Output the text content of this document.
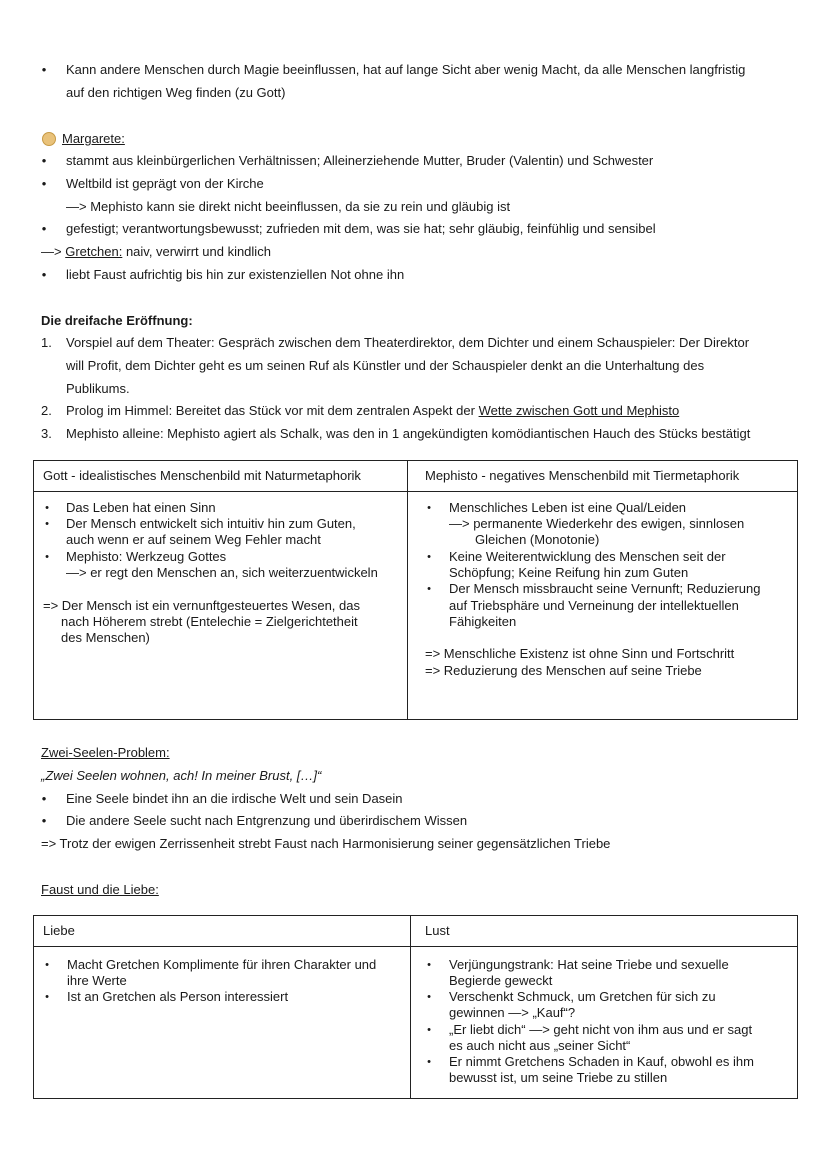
• Kann andere Menschen durch Magie beeinflussen, hat auf lange Sicht aber wenig Macht, da alle Menschen langfristig
auf den richtigen Weg finden (zu Gott)
Margarete:
• stammt aus kleinbürgerlichen Verhältnissen; Alleinerziehende Mutter, Bruder (Valentin) und Schwester
• Weltbild ist geprägt von der Kirche
—> Mephisto kann sie direkt nicht beeinflussen, da sie zu rein und gläubig ist
• gefestigt; verantwortungsbewusst; zufrieden mit dem, was sie hat; sehr gläubig, feinfühlig und sensibel
—> Gretchen: naiv, verwirrt und kindlich
• liebt Faust aufrichtig bis hin zur existenziellen Not ohne ihn
Die dreifache Eröffnung:
1. Vorspiel auf dem Theater: Gespräch zwischen dem Theaterdirektor, dem Dichter und einem Schauspieler: Der Direktor
will Profit, dem Dichter geht es um seinen Ruf als Künstler und der Schauspieler denkt an die Unterhaltung des
Publikums.
2. Prolog im Himmel: Bereitet das Stück vor mit dem zentralen Aspekt der Wette zwischen Gott und Mephisto
3. Mephisto alleine: Mephisto agiert als Schalk, was den in 1 angekündigten komödiantischen Hauch des Stücks bestätigt
Gott - idealistisches Menschenbild mit Naturmetaphorik	Mephisto - negatives Menschenbild mit Tiermetaphorik
• Das Leben hat einen Sinn
• Der Mensch entwickelt sich intuitiv hin zum Guten,
auch wenn er auf seinem Weg Fehler macht
• Mephisto: Werkzeug Gottes
—> er regt den Menschen an, sich weiterzuentwickeln
=> Der Mensch ist ein vernunftgesteuertes Wesen, das
nach Höherem strebt (Entelechie = Zielgerichtetheit
des Menschen)
• Menschliches Leben ist eine Qual/Leiden
—> permanente Wiederkehr des ewigen, sinnlosen
Gleichen (Monotonie)
• Keine Weiterentwicklung des Menschen seit der
Schöpfung; Keine Reifung hin zum Guten
• Der Mensch missbraucht seine Vernunft; Reduzierung
auf Triebsphäre und Verneinung der intellektuellen
Fähigkeiten
=> Menschliche Existenz ist ohne Sinn und Fortschritt
=> Reduzierung des Menschen auf seine Triebe
Zwei-Seelen-Problem:
„Zwei Seelen wohnen, ach! In meiner Brust, […]“
• Eine Seele bindet ihn an die irdische Welt und sein Dasein
• Die andere Seele sucht nach Entgrenzung und überirdischem Wissen
=> Trotz der ewigen Zerrissenheit strebt Faust nach Harmonisierung seiner gegensätzlichen Triebe
Faust und die Liebe:
Liebe	Lust
• Macht Gretchen Komplimente für ihren Charakter und
ihre Werte
• Ist an Gretchen als Person interessiert
• Verjüngungstrank: Hat seine Triebe und sexuelle
Begierde geweckt
• Verschenkt Schmuck, um Gretchen für sich zu
gewinnen —> „Kauf“?
• „Er liebt dich“ —> geht nicht von ihm aus und er sagt
es auch nicht aus „seiner Sicht“
• Er nimmt Gretchens Schaden in Kauf, obwohl es ihm
bewusst ist, um seine Triebe zu stillen
